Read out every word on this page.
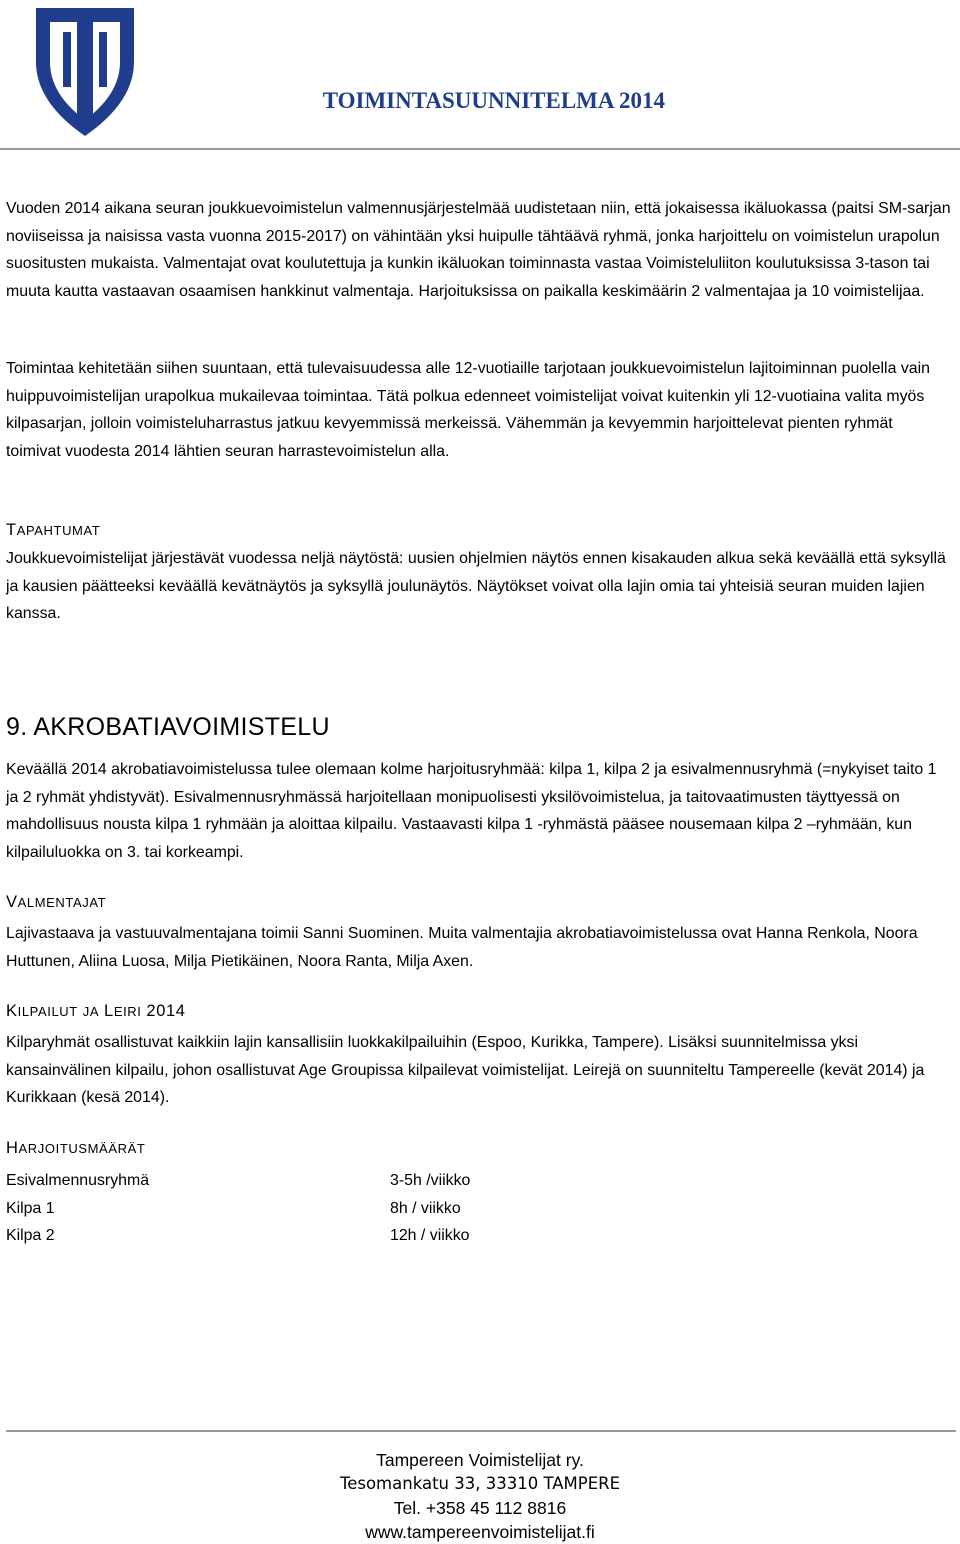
TOIMINTASUUNNITELMA 2014

Vuoden 2014 aikana seuran joukkuevoimistelun valmennusjärjestelmää uudistetaan niin, että jokaisessa ikäluokassa (paitsi SM-sarjan noviiseissa ja naisissa vasta vuonna 2015-2017) on vähintään yksi huipulle tähtäävä ryhmä, jonka harjoittelu on voimistelun urapolun suositusten mukaista. Valmentajat ovat koulutettuja ja kunkin ikäluokan toiminnasta vastaa Voimisteluliiton koulutuksissa 3-tason tai muuta kautta vastaavan osaamisen hankkinut valmentaja. Harjoituksissa on paikalla keskimäärin 2 valmentajaa ja 10 voimistelijaa.

Toimintaa kehitetään siihen suuntaan, että tulevaisuudessa alle 12-vuotiaille tarjotaan joukkuevoimistelun lajitoiminnan puolella vain huippuvoimistelijan urapolkua mukailevaa toimintaa. Tätä polkua edenneet voimistelijat voivat kuitenkin yli 12-vuotiaina valita myös kilpasarjan, jolloin voimisteluharrastus jatkuu kevyemmissä merkeissä. Vähemmän ja kevyemmin harjoittelevat pienten ryhmät toimivat vuodesta 2014 lähtien seuran harrastevoimistelun alla.

TAPAHTUMAT

Joukkuevoimistelijat järjestävät vuodessa neljä näytöstä: uusien ohjelmien näytös ennen kisakauden alkua sekä keväällä että syksyllä ja kausien päätteeksi keväällä kevätnäytös ja syksyllä joulunäytös. Näytökset voivat olla lajin omia tai yhteisiä seuran muiden lajien kanssa.

9. AKROBATIAVOIMISTELU

Keväällä 2014 akrobatiavoimistelussa tulee olemaan kolme harjoitusryhmää: kilpa 1, kilpa 2 ja esivalmennusryhmä (=nykyiset taito 1 ja 2 ryhmät yhdistyvät). Esivalmennusryhmässä harjoitellaan monipuolisesti yksilövoimistelua, ja taitovaatimusten täyttyessä on mahdollisuus nousta kilpa 1 ryhmään ja aloittaa kilpailu. Vastaavasti kilpa 1 -ryhmästä pääsee nousemaan kilpa 2 –ryhmään, kun kilpailuluokka on 3. tai korkeampi.

VALMENTAJAT

Lajivastaava ja vastuuvalmentajana toimii Sanni Suominen. Muita valmentajia akrobatiavoimistelussa ovat Hanna Renkola, Noora Huttunen, Aliina Luosa, Milja Pietikäinen, Noora Ranta, Milja Axen.

KILPAILUT JA LEIRI 2014

Kilparyhmät osallistuvat kaikkiin lajin kansallisiin luokkakilpailuihin (Espoo, Kurikka, Tampere). Lisäksi suunnitelmissa yksi kansainvälinen kilpailu, johon osallistuvat Age Groupissa kilpailevat voimistelijat. Leirejä on suunniteltu Tampereelle (kevät 2014) ja Kurikkaan (kesä 2014).

HARJOITUSMÄÄRÄT
Esivalmennusryhmä	3-5h /viikko
Kilpa 1	8h / viikko
Kilpa 2	12h / viikko
Tampereen Voimistelijat ry.
Tesomankatu 33, 33310 TAMPERE
Tel. +358 45 112 8816
www.tampereenvoimistelijat.fi
